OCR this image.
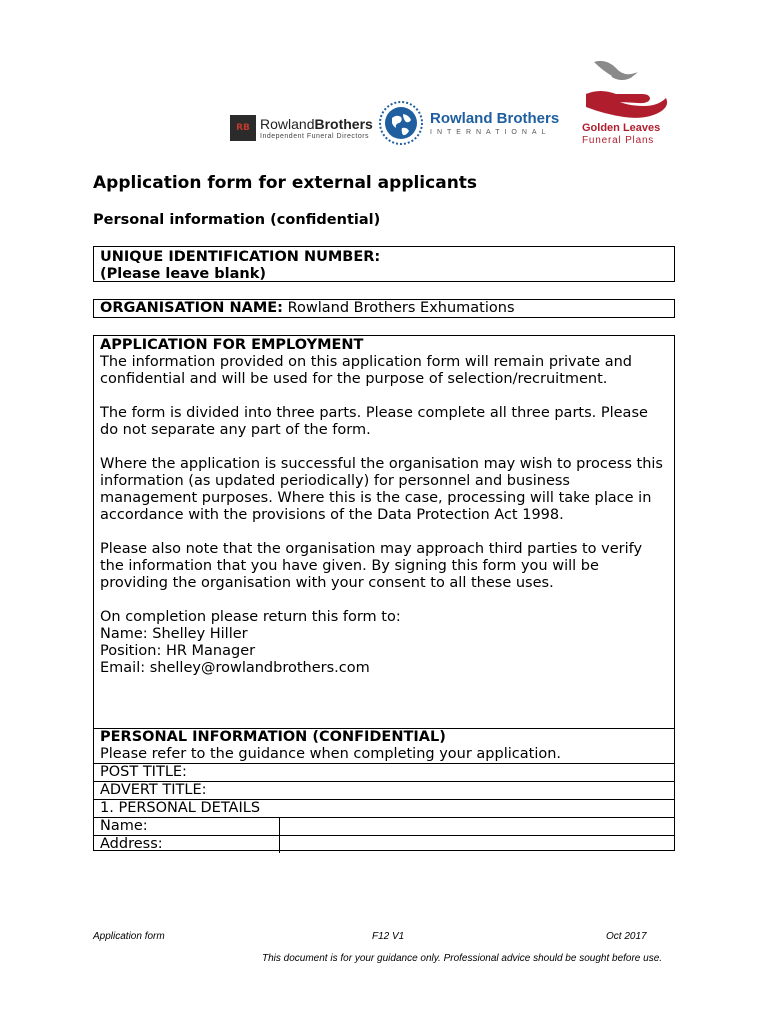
RB RowlandBrothers
Independent Funeral Directors
Rowland Brothers
INTERNATIONAL	Golden Leaves
Funeral Plans
Application form for external applicants
Personal information (confidential)
UNIQUE IDENTIFICATION NUMBER:
(Please leave blank)
ORGANISATION NAME: Rowland Brothers Exhumations

APPLICATION FOR EMPLOYMENT
The information provided on this application form will remain private and confidential and will be used for the purpose of selection/recruitment.

The form is divided into three parts. Please complete all three parts. Please do not separate any part of the form.

Where the application is successful the organisation may wish to process this information (as updated periodically) for personnel and business management purposes. Where this is the case, processing will take place in accordance with the provisions of the Data Protection Act 1998.

Please also note that the organisation may approach third parties to verify the information that you have given. By signing this form you will be providing the organisation with your consent to all these uses.

On completion please return this form to:
Name: Shelley Hiller
Position: HR Manager
Email: shelley@rowlandbrothers.com

PERSONAL INFORMATION (CONFIDENTIAL)
Please refer to the guidance when completing your application.
POST TITLE:
ADVERT TITLE:
1. PERSONAL DETAILS
Name:
Address:
Application form	F12 V1	Oct 2017
This document is for your guidance only. Professional advice should be sought before use.
